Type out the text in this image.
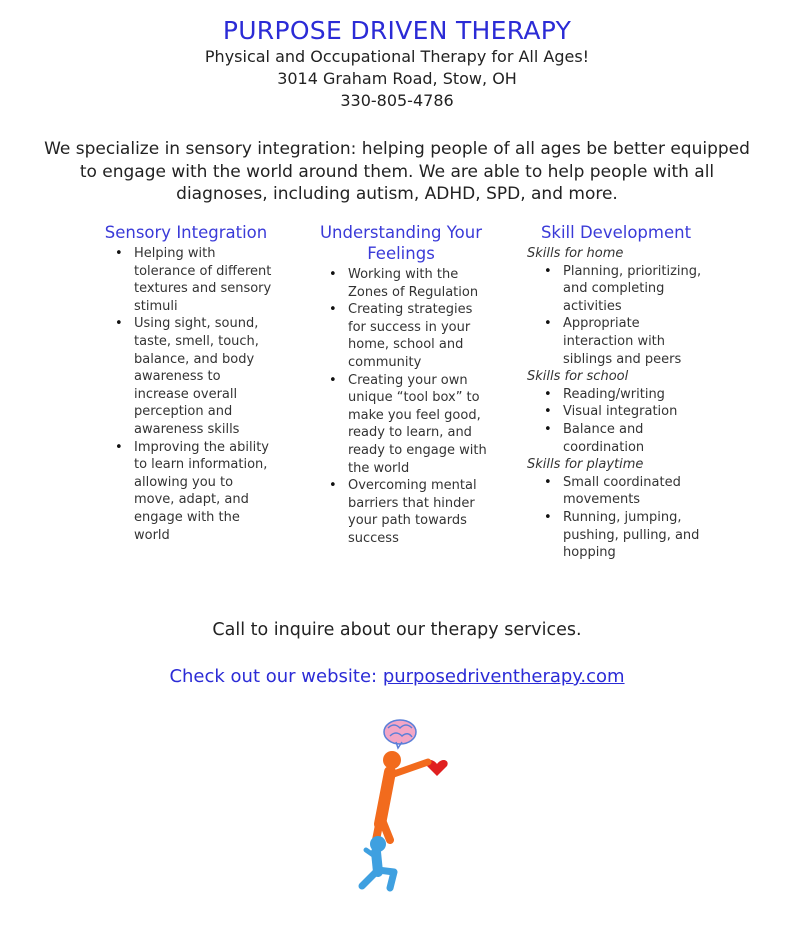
PURPOSE DRIVEN THERAPY
Physical and Occupational Therapy for All Ages!
3014 Graham Road, Stow, OH
330-805-4786
We specialize in sensory integration: helping people of all ages be better equipped to engage with the world around them. We are able to help people with all diagnoses, including autism, ADHD, SPD, and more.
Sensory Integration
• Helping with tolerance of different textures and sensory stimuli
• Using sight, sound, taste, smell, touch, balance, and body awareness to increase overall perception and awareness skills
• Improving the ability to learn information, allowing you to move, adapt, and engage with the world
Understanding Your Feelings
• Working with the Zones of Regulation
• Creating strategies for success in your home, school and community
• Creating your own unique “tool box” to make you feel good, ready to learn, and ready to engage with the world
• Overcoming mental barriers that hinder your path towards success
Skill Development
Skills for home
• Planning, prioritizing, and completing activities
• Appropriate interaction with siblings and peers
Skills for school
• Reading/writing
• Visual integration
• Balance and coordination
Skills for playtime
• Small coordinated movements
• Running, jumping, pushing, pulling, and hopping
Call to inquire about our therapy services.
Check out our website: purposedriventherapy.com
